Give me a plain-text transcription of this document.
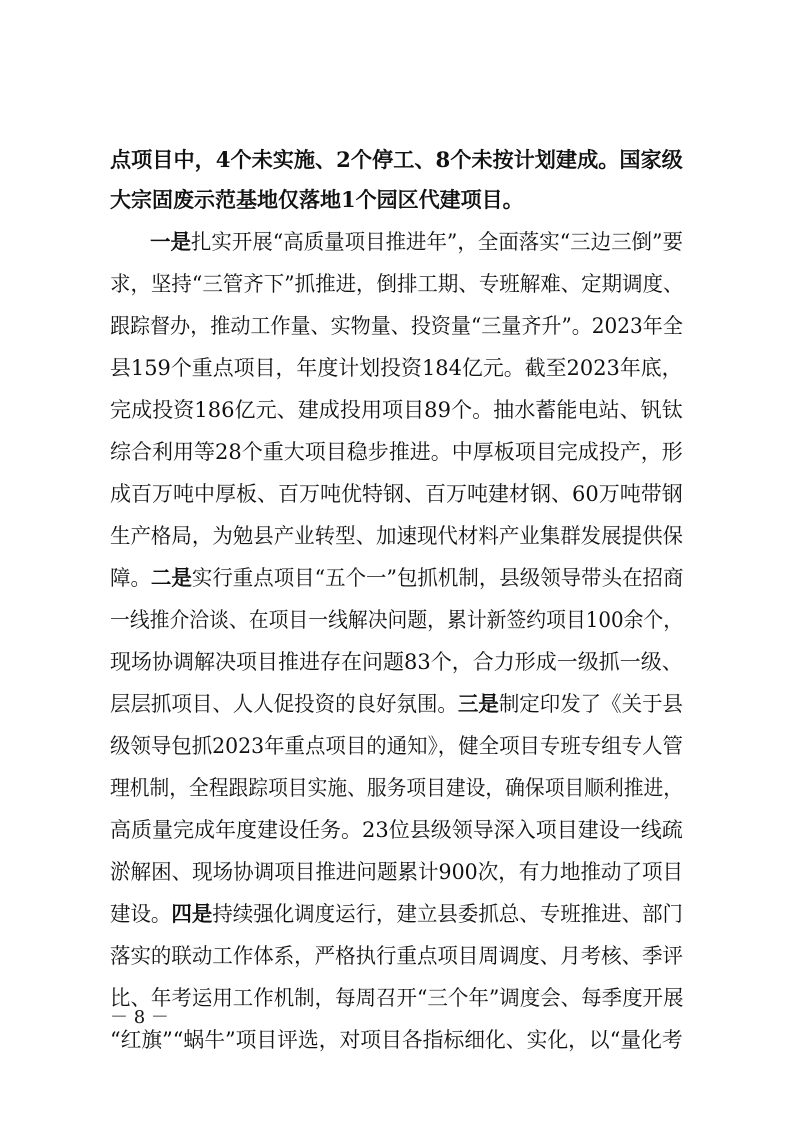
点项目中，4个未实施、2个停工、8个未按计划建成。国家级
大宗固废示范基地仅落地1个园区代建项目。
一是扎实开展“高质量项目推进年”，全面落实“三边三倒”要
求，坚持“三管齐下”抓推进，倒排工期、专班解难、定期调度、
跟踪督办，推动工作量、实物量、投资量“三量齐升”。2023年全
县159个重点项目，年度计划投资184亿元。截至2023年底，
完成投资186亿元、建成投用项目89个。抽水蓄能电站、钒钛
综合利用等28个重大项目稳步推进。中厚板项目完成投产，形
成百万吨中厚板、百万吨优特钢、百万吨建材钢、60万吨带钢
生产格局，为勉县产业转型、加速现代材料产业集群发展提供保
障。二是实行重点项目“五个一”包抓机制，县级领导带头在招商
一线推介洽谈、在项目一线解决问题，累计新签约项目100余个，
现场协调解决项目推进存在问题83个，合力形成一级抓一级、
层层抓项目、人人促投资的良好氛围。三是制定印发了《关于县
级领导包抓2023年重点项目的通知》，健全项目专班专组专人管
理机制，全程跟踪项目实施、服务项目建设，确保项目顺利推进，
高质量完成年度建设任务。23位县级领导深入项目建设一线疏
淤解困、现场协调项目推进问题累计900次，有力地推动了项目
建设。四是持续强化调度运行，建立县委抓总、专班推进、部门
落实的联动工作体系，严格执行重点项目周调度、月考核、季评
比、年考运用工作机制，每周召开“三个年”调度会、每季度开展
“红旗”“蜗牛”项目评选，对项目各指标细化、实化，以“量化考
－ 8 －
